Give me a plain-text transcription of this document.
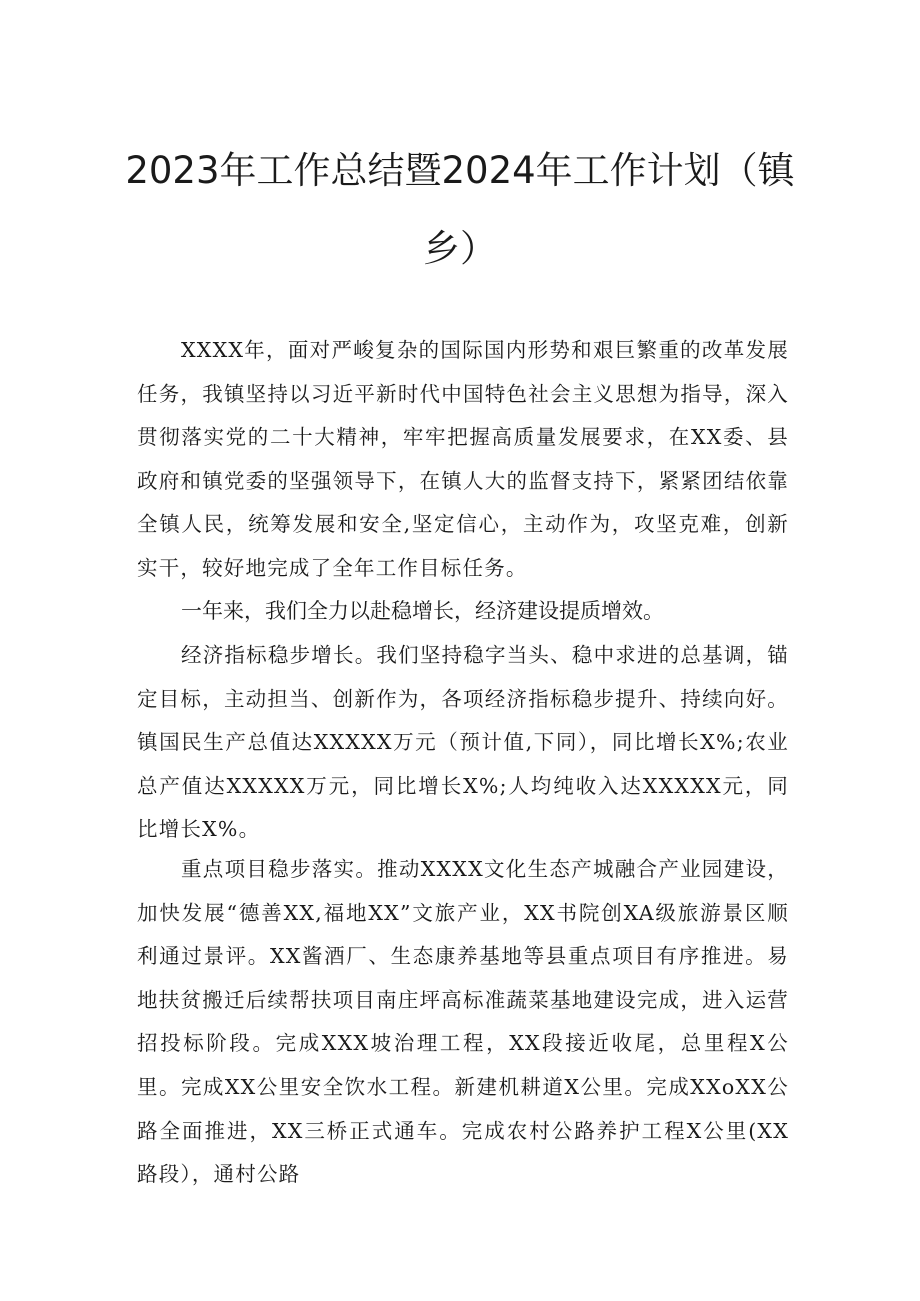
2023年工作总结暨2024年工作计划（镇
乡）

XXXX年，面对严峻复杂的国际国内形势和艰巨繁重的改革发展任务，我镇坚持以习近平新时代中国特色社会主义思想为指导，深入贯彻落实党的二十大精神，牢牢把握高质量发展要求，在XX委、县政府和镇党委的坚强领导下，在镇人大的监督支持下，紧紧团结依靠全镇人民，统筹发展和安全,坚定信心，主动作为，攻坚克难，创新实干，较好地完成了全年工作目标任务。

一年来，我们全力以赴稳增长，经济建设提质增效。

经济指标稳步增长。我们坚持稳字当头、稳中求进的总基调，锚定目标，主动担当、创新作为，各项经济指标稳步提升、持续向好。镇国民生产总值达XXXXX万元（预计值,下同），同比增长X%;农业总产值达XXXXX万元，同比增长X%;人均纯收入达XXXXX元，同比增长X%。

重点项目稳步落实。推动XXXX文化生态产城融合产业园建设，加快发展“德善XX,福地XX”文旅产业，XX书院创XA级旅游景区顺利通过景评。XX酱酒厂、生态康养基地等县重点项目有序推进。易地扶贫搬迁后续帮扶项目南庄坪高标准蔬菜基地建设完成，进入运营招投标阶段。完成XXX坡治理工程，XX段接近收尾，总里程X公里。完成XX公里安全饮水工程。新建机耕道X公里。完成XXoXX公路全面推进，XX三桥正式通车。完成农村公路养护工程X公里(XX路段），通村公路
